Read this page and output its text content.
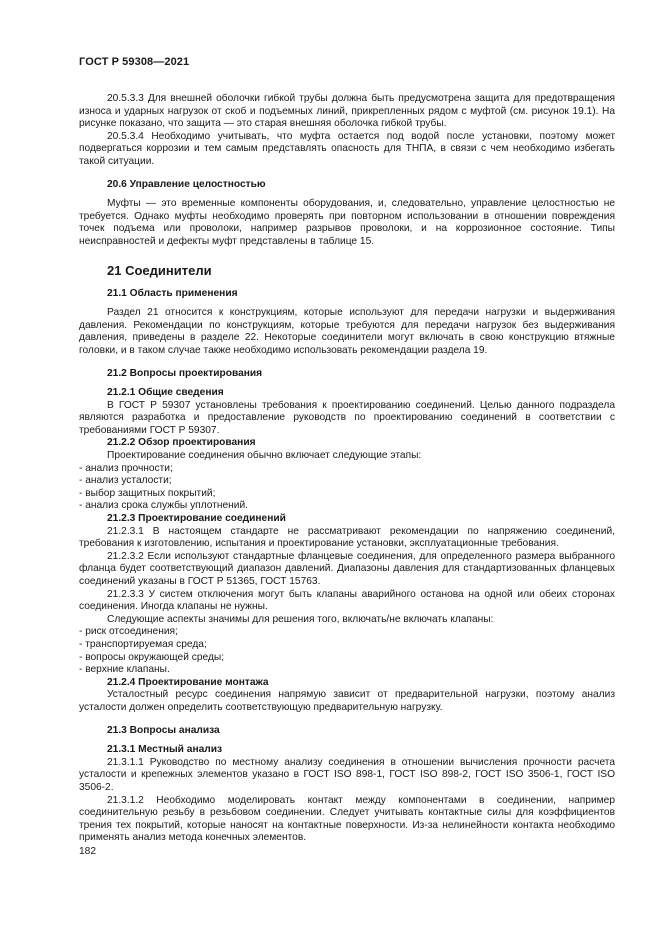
ГОСТ Р 59308—2021

20.5.3.3 Для внешней оболочки гибкой трубы должна быть предусмотрена защита для предотвращения износа и ударных нагрузок от скоб и подъемных линий, прикрепленных рядом с муфтой (см. рисунок 19.1). На рисунке показано, что защита — это старая внешняя оболочка гибкой трубы.

20.5.3.4 Необходимо учитывать, что муфта остается под водой после установки, поэтому может подвергаться коррозии и тем самым представлять опасность для ТНПА, в связи с чем необходимо избегать такой ситуации.

20.6 Управление целостностью

Муфты — это временные компоненты оборудования, и, следовательно, управление целостностью не требуется. Однако муфты необходимо проверять при повторном использовании в отношении повреждения точек подъема или проволоки, например разрывов проволоки, и на коррозионное состояние. Типы неисправностей и дефекты муфт представлены в таблице 15.

21 Соединители

21.1 Область применения

Раздел 21 относится к конструкциям, которые используют для передачи нагрузки и выдерживания давления. Рекомендации по конструкциям, которые требуются для передачи нагрузок без выдерживания давления, приведены в разделе 22. Некоторые соединители могут включать в свою конструкцию втяжные головки, и в таком случае также необходимо использовать рекомендации раздела 19.

21.2 Вопросы проектирования

21.2.1 Общие сведения

В ГОСТ Р 59307 установлены требования к проектированию соединений. Целью данного подраздела являются разработка и предоставление руководств по проектированию соединений в соответствии с требованиями ГОСТ Р 59307.

21.2.2 Обзор проектирования

Проектирование соединения обычно включает следующие этапы:

- анализ прочности;

- анализ усталости;

- выбор защитных покрытий;

- анализ срока службы уплотнений.

21.2.3 Проектирование соединений

21.2.3.1 В настоящем стандарте не рассматривают рекомендации по напряжению соединений, требования к изготовлению, испытания и проектирование установки, эксплуатационные требования.

21.2.3.2 Если используют стандартные фланцевые соединения, для определенного размера выбранного фланца будет соответствующий диапазон давлений. Диапазоны давления для стандартизованных фланцевых соединений указаны в ГОСТ Р 51365, ГОСТ 15763.

21.2.3.3 У систем отключения могут быть клапаны аварийного останова на одной или обеих сторонах соединения. Иногда клапаны не нужны.

Следующие аспекты значимы для решения того, включать/не включать клапаны:

- риск отсоединения;

- транспортируемая среда;

- вопросы окружающей среды;

- верхние клапаны.

21.2.4 Проектирование монтажа

Усталостный ресурс соединения напрямую зависит от предварительной нагрузки, поэтому анализ усталости должен определить соответствующую предварительную нагрузку.

21.3 Вопросы анализа

21.3.1 Местный анализ

21.3.1.1 Руководство по местному анализу соединения в отношении вычисления прочности расчета усталости и крепежных элементов указано в ГОСТ ISO 898-1, ГОСТ ISO 898-2, ГОСТ ISO 3506-1, ГОСТ ISO 3506-2.

21.3.1.2 Необходимо моделировать контакт между компонентами в соединении, например соединительную резьбу в резьбовом соединении. Следует учитывать контактные силы для коэффициентов трения тех покрытий, которые наносят на контактные поверхности. Из-за нелинейности контакта необходимо применять анализ метода конечных элементов.

182
